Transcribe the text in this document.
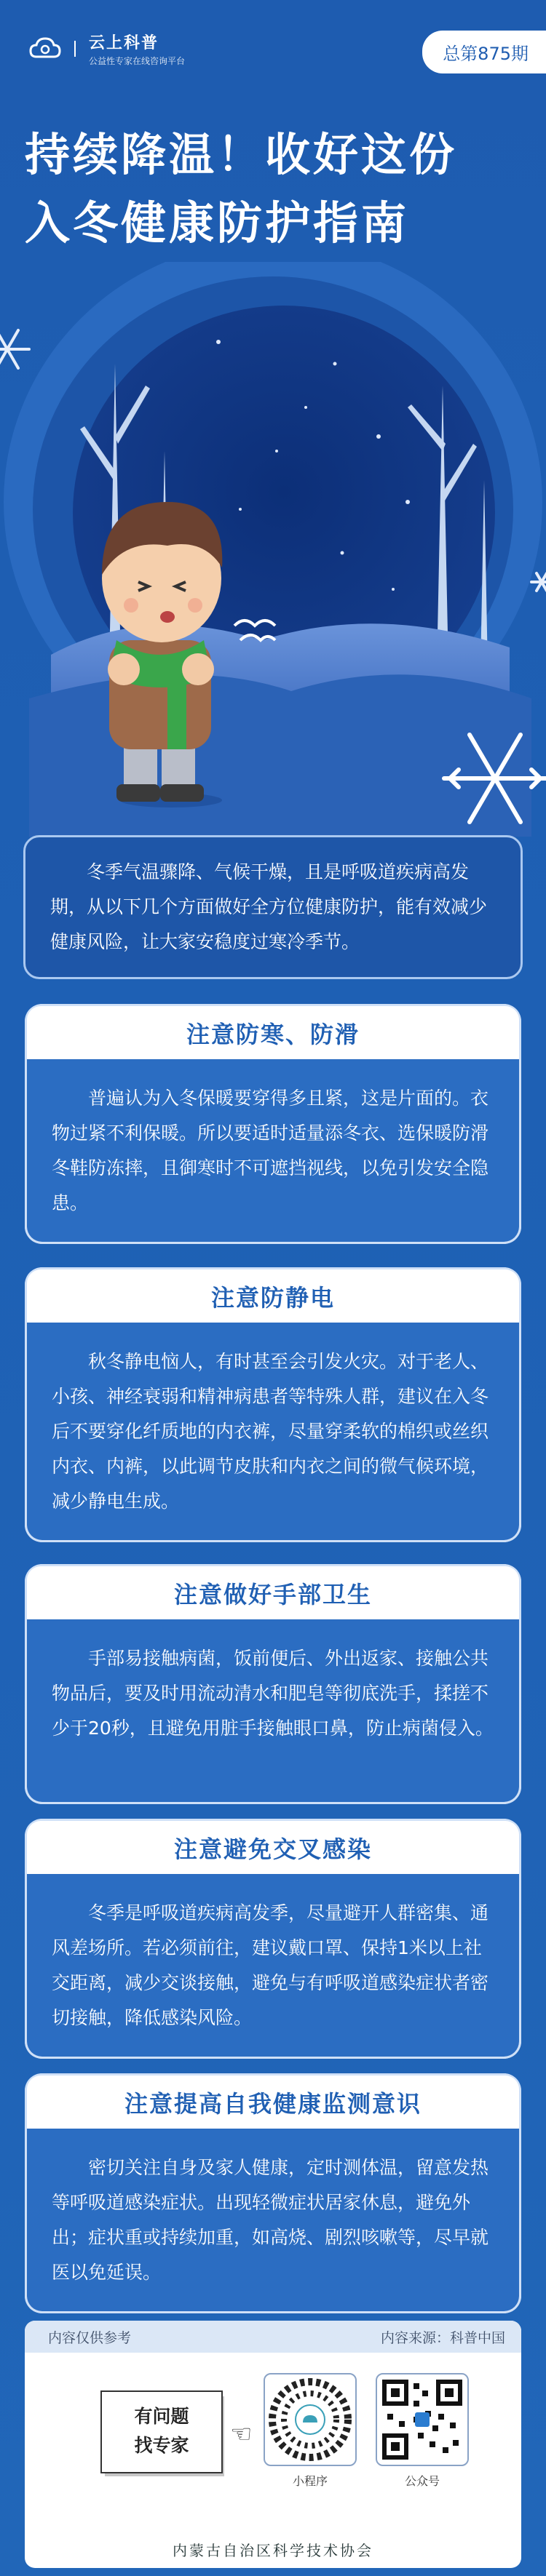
云上科普
公益性专家在线咨询平台	总第875期
持续降温！收好这份
入冬健康防护指南
冬季气温骤降、气候干燥，且是呼吸道疾病高发期，从以下几个方面做好全方位健康防护，能有效减少健康风险，让大家安稳度过寒冷季节。
注意防寒、防滑
普遍认为入冬保暖要穿得多且紧，这是片面的。衣物过紧不利保暖。所以要适时适量添冬衣、选保暖防滑冬鞋防冻摔，且御寒时不可遮挡视线，以免引发安全隐患。
注意防静电
秋冬静电恼人，有时甚至会引发火灾。对于老人、小孩、神经衰弱和精神病患者等特殊人群，建议在入冬后不要穿化纤质地的内衣裤，尽量穿柔软的棉织或丝织内衣、内裤，以此调节皮肤和内衣之间的微气候环境，减少静电生成。
注意做好手部卫生
手部易接触病菌，饭前便后、外出返家、接触公共物品后，要及时用流动清水和肥皂等彻底洗手，揉搓不少于20秒，且避免用脏手接触眼口鼻，防止病菌侵入。
注意避免交叉感染
冬季是呼吸道疾病高发季，尽量避开人群密集、通风差场所。若必须前往，建议戴口罩、保持1米以上社交距离，减少交谈接触，避免与有呼吸道感染症状者密切接触，降低感染风险。
注意提高自我健康监测意识
密切关注自身及家人健康，定时测体温，留意发热等呼吸道感染症状。出现轻微症状居家休息，避免外出；症状重或持续加重，如高烧、剧烈咳嗽等，尽早就医以免延误。
内容仅供参考	内容来源：科普中国
有问题
找专家	☜
小程序	公众号
内蒙古自治区科学技术协会
